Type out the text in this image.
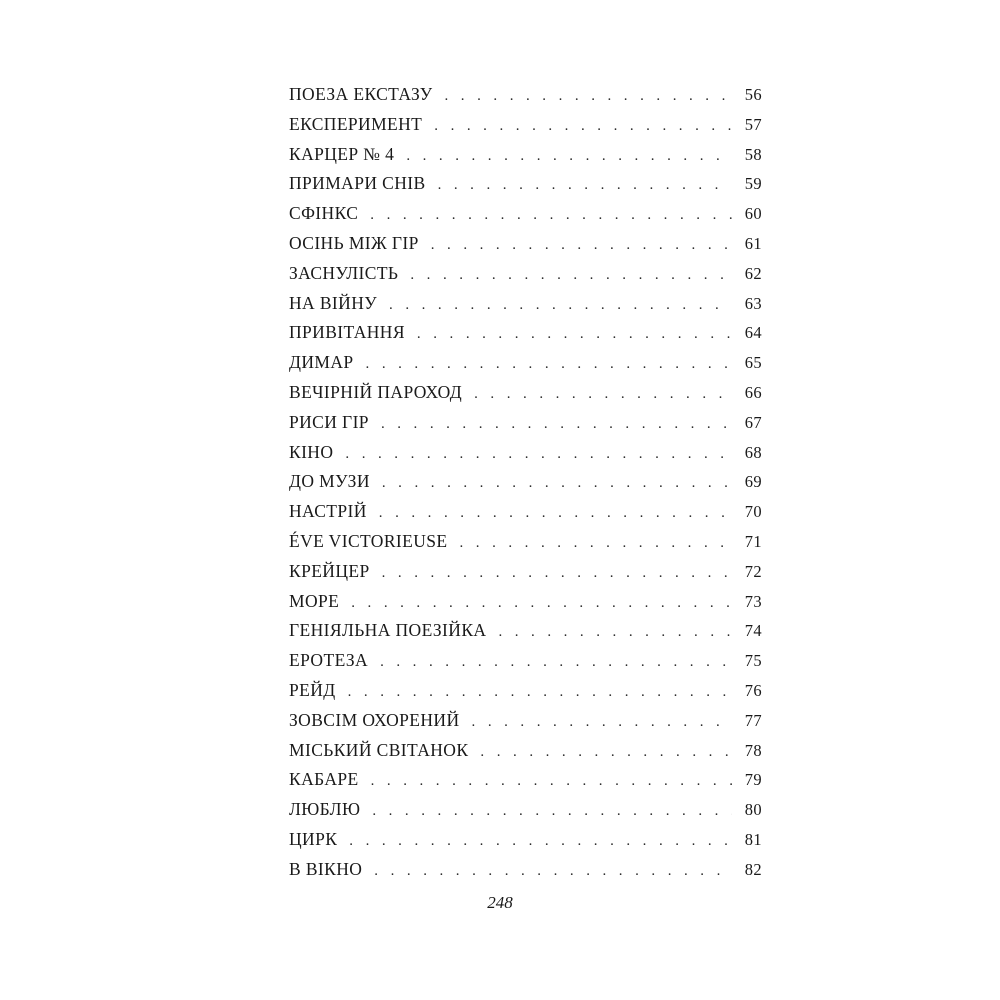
ПОЕЗА ЕКСТАЗУ . . .	56
ЕКСПЕРИМЕНТ . . .	57
КАРЦЕР № 4 . . .	58
ПРИМАРИ СНІВ . . .	59
СФІНКС . . .	60
ОСІНЬ МІЖ ГІР . . .	61
ЗАСНУЛІСТЬ . . .	62
НА ВІЙНУ . . .	63
ПРИВІТАННЯ . . .	64
ДИМАР . . .	65
ВЕЧІРНІЙ ПАРОХОД . . .	66
РИСИ ГІР . . .	67
КІНО . . .	68
ДО МУЗИ . . .	69
НАСТРІЙ . . .	70
ÉVE VICTORIEUSE . . .	71
КРЕЙЦЕР . . .	72
МОРЕ . . .	73
ГЕНІЯЛЬНА ПОЕЗІЙКА . . .	74
ЕРОТЕЗА . . .	75
РЕЙД . . .	76
ЗОВСІМ ОХОРЕНИЙ . . .	77
МІСЬКИЙ СВІТАНОК . . .	78
КАБАРЕ . . .	79
ЛЮБЛЮ . . .	80
ЦИРК . . .	81
В ВІКНО . . .	82
248
